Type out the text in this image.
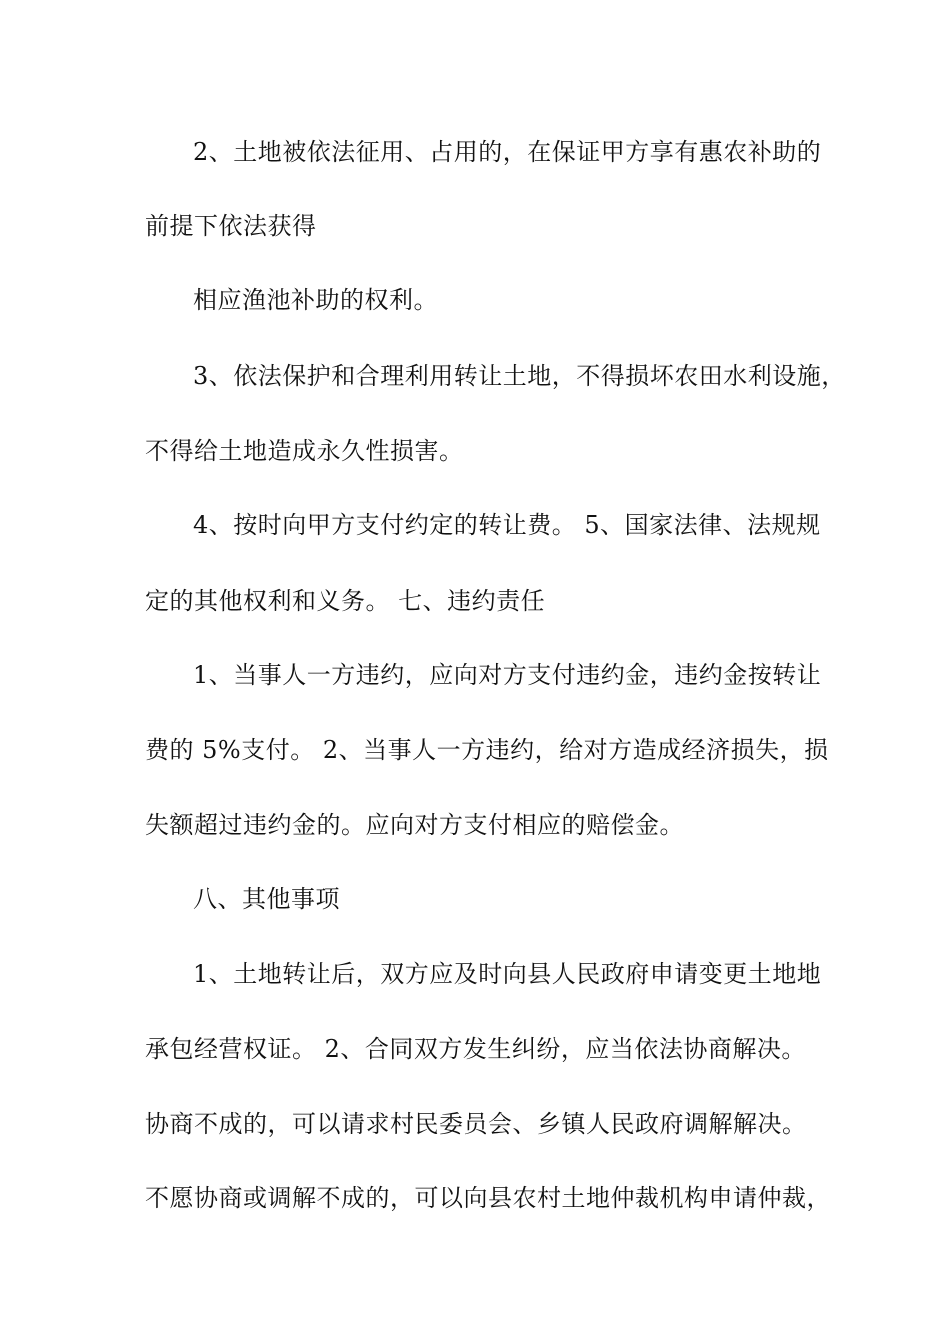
2、土地被依法征用、占用的，在保证甲方享有惠农补助的
前提下依法获得
相应渔池补助的权利。
3、依法保护和合理利用转让土地，不得损坏农田水利设施，
不得给土地造成永久性损害。
4、按时向甲方支付约定的转让费。 5、国家法律、法规规
定的其他权利和义务。 七、违约责任
1、当事人一方违约，应向对方支付违约金，违约金按转让
费的 5%支付。 2、当事人一方违约，给对方造成经济损失，损
失额超过违约金的。应向对方支付相应的赔偿金。
八、其他事项
1、土地转让后，双方应及时向县人民政府申请变更土地地
承包经营权证。 2、合同双方发生纠纷，应当依法协商解决。
协商不成的，可以请求村民委员会、乡镇人民政府调解解决。
不愿协商或调解不成的，可以向县农村土地仲裁机构申请仲裁，
